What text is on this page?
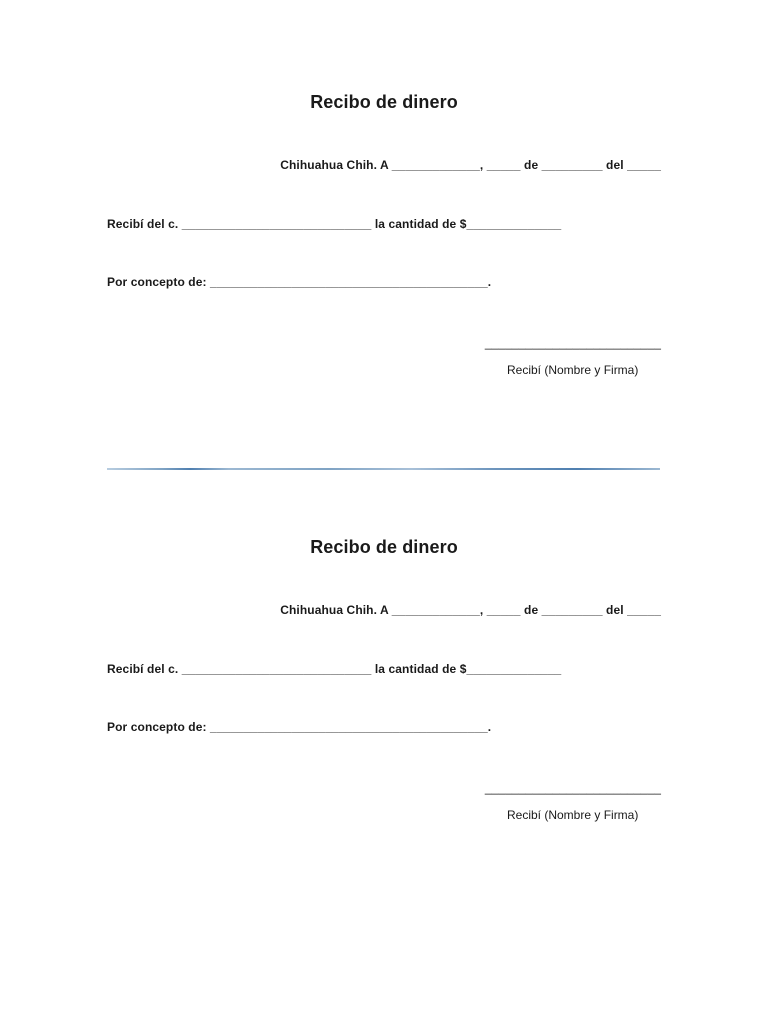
Recibo de dinero
Chihuahua Chih. A _____________, _____ de _________ del _____
Recibí del c. ____________________________ la cantidad de $______________
Por concepto de: _________________________________________.
__________________________
Recibí (Nombre y Firma)
Recibo de dinero
Chihuahua Chih. A _____________, _____ de _________ del _____
Recibí del c. ____________________________ la cantidad de $______________
Por concepto de: _________________________________________.
__________________________
Recibí (Nombre y Firma)
